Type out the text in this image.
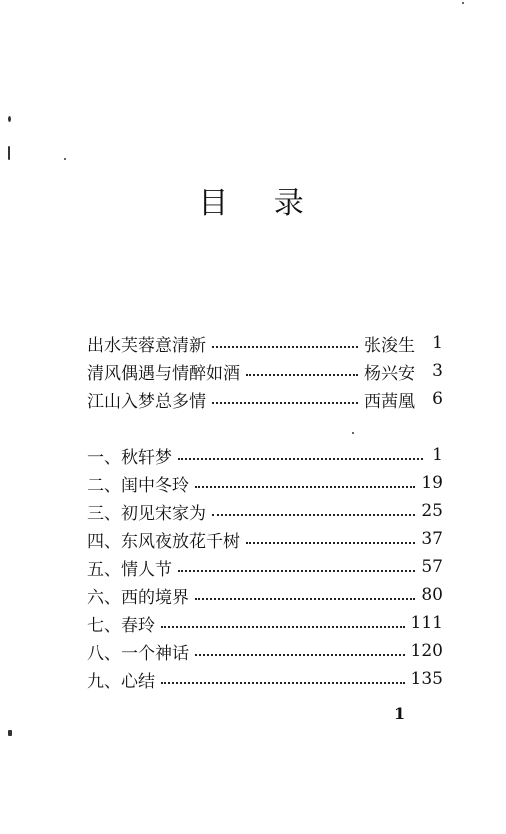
目 录
出水芙蓉意清新	张浚生 1
清风偶遇与情醉如酒	杨兴安 3
江山入梦总多情	西茜凰 6
一、秋轩梦	1
二、闺中冬玲	19
三、初见宋家为	25
四、东风夜放花千树	37
五、情人节	57
六、西的境界	80
七、春玲	111
八、一个神话	120
九、心结	135
1
